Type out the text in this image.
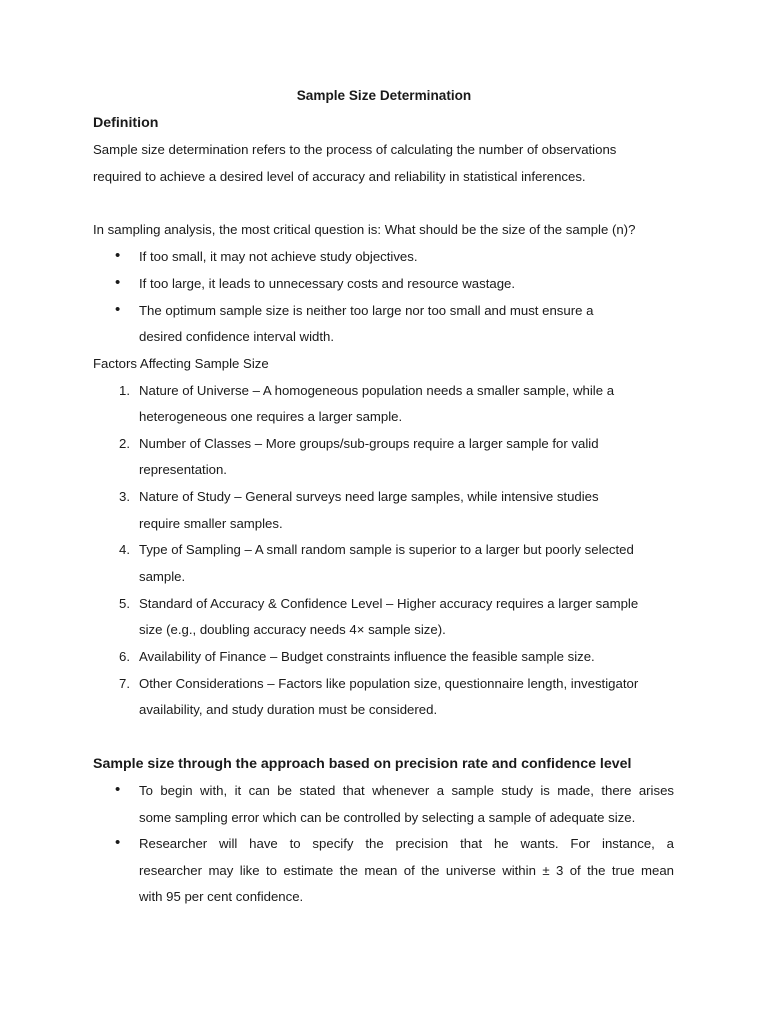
Sample Size Determination

Definition

Sample size determination refers to the process of calculating the number of observations

required to achieve a desired level of accuracy and reliability in statistical inferences.

In sampling analysis, the most critical question is: What should be the size of the sample (n)?

• If too small, it may not achieve study objectives.

• If too large, it leads to unnecessary costs and resource wastage.

• The optimum sample size is neither too large nor too small and must ensure a

desired confidence interval width.

Factors Affecting Sample Size

1. Nature of Universe – A homogeneous population needs a smaller sample, while a

heterogeneous one requires a larger sample.

2. Number of Classes – More groups/sub-groups require a larger sample for valid

representation.

3. Nature of Study – General surveys need large samples, while intensive studies

require smaller samples.

4. Type of Sampling – A small random sample is superior to a larger but poorly selected

sample.

5. Standard of Accuracy & Confidence Level – Higher accuracy requires a larger sample

size (e.g., doubling accuracy needs 4× sample size).

6. Availability of Finance – Budget constraints influence the feasible sample size.

7. Other Considerations – Factors like population size, questionnaire length, investigator

availability, and study duration must be considered.

Sample size through the approach based on precision rate and confidence level

• To begin with, it can be stated that whenever a sample study is made, there arises

some sampling error which can be controlled by selecting a sample of adequate size.

• Researcher will have to specify the precision that he wants. For instance, a

researcher may like to estimate the mean of the universe within ± 3 of the true mean

with 95 per cent confidence.
